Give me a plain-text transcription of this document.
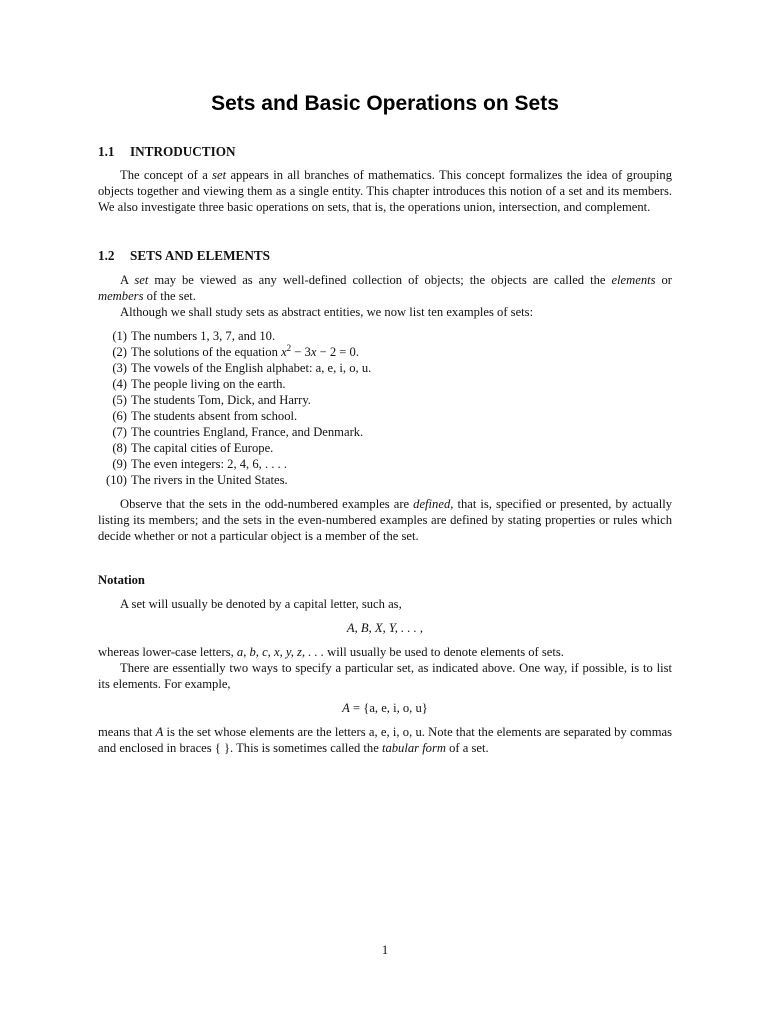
Sets and Basic Operations on Sets
1.1 INTRODUCTION

The concept of a set appears in all branches of mathematics. This concept formalizes the idea of grouping objects together and viewing them as a single entity. This chapter introduces this notion of a set and its members. We also investigate three basic operations on sets, that is, the operations union, intersection, and complement.

1.2 SETS AND ELEMENTS

A set may be viewed as any well-defined collection of objects; the objects are called the elements or members of the set.

Although we shall study sets as abstract entities, we now list ten examples of sets:

(1) The numbers 1, 3, 7, and 10.
(2) The solutions of the equation $x^2 - 3x - 2 = 0$.
(3) The vowels of the English alphabet: a, e, i, o, u.
(4) The people living on the earth.
(5) The students Tom, Dick, and Harry.
(6) The students absent from school.
(7) The countries England, France, and Denmark.
(8) The capital cities of Europe.
(9) The even integers: 2, 4, 6, . . . .
(10) The rivers in the United States.

Observe that the sets in the odd-numbered examples are defined, that is, specified or presented, by actually listing its members; and the sets in the even-numbered examples are defined by stating properties or rules which decide whether or not a particular object is a member of the set.

Notation

A set will usually be denoted by a capital letter, such as,

A, B, X, Y, . . . ,

whereas lower-case letters, a, b, c, x, y, z, . . . will usually be used to denote elements of sets.

There are essentially two ways to specify a particular set, as indicated above. One way, if possible, is to list its elements. For example,

A = {a, e, i, o, u}

means that A is the set whose elements are the letters a, e, i, o, u. Note that the elements are separated by commas and enclosed in braces { }. This is sometimes called the tabular form of a set.

1
